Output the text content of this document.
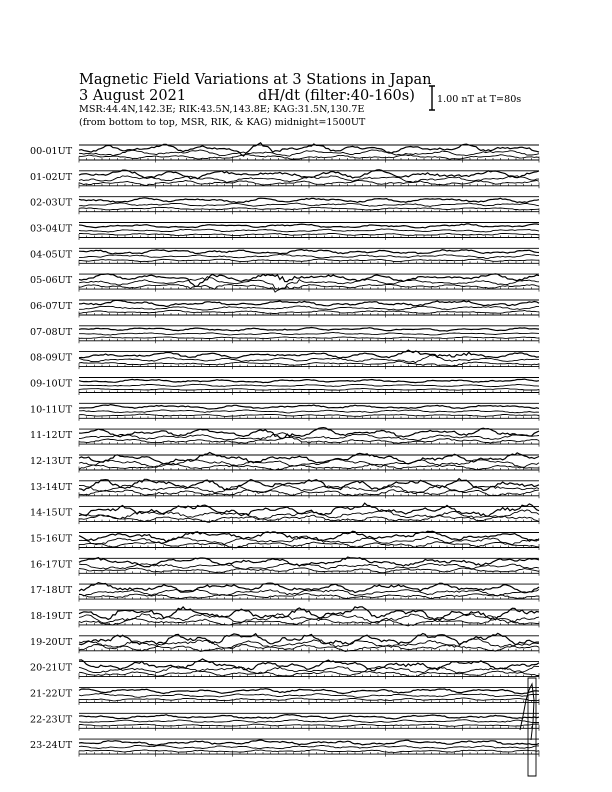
Magnetic Field Variations at 3 Stations in Japan
3 August 2021	dH/dt (filter:40-160s)
MSR:44.4N,142.3E; RIK:43.5N,143.8E; KAG:31.5N,130.7E
(from bottom to top, MSR, RIK, & KAG) midnight=1500UT
1.00 nT at T=80s
00-01UT
01-02UT
02-03UT
03-04UT
04-05UT
05-06UT
06-07UT
07-08UT
08-09UT
09-10UT
10-11UT
11-12UT
12-13UT
13-14UT
14-15UT
15-16UT
16-17UT
17-18UT
18-19UT
19-20UT
20-21UT
21-22UT
22-23UT
23-24UT
